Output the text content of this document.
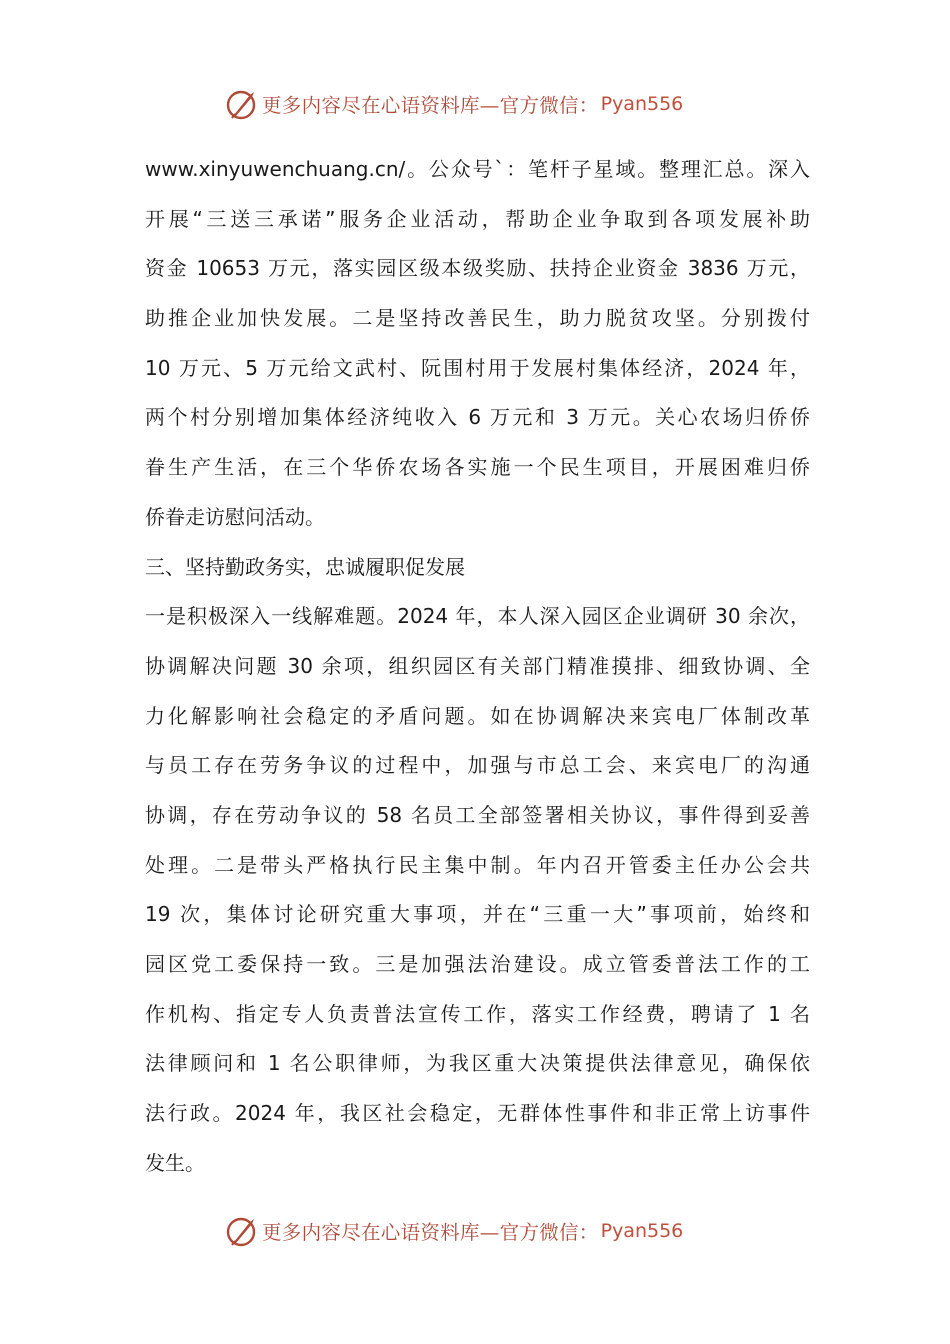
更多内容尽在心语资料库—官方微信： Pyan556
www.xinyuwenchuang.cn/。公众号`：笔杆子星域。整理汇总。深入
开展“三送三承诺”服务企业活动，帮助企业争取到各项发展补助
资金 10653 万元，落实园区级本级奖励、扶持企业资金 3836 万元，
助推企业加快发展。二是坚持改善民生，助力脱贫攻坚。分别拨付
10 万元、5 万元给文武村、阮围村用于发展村集体经济，2024 年，
两个村分别增加集体经济纯收入 6 万元和 3 万元。关心农场归侨侨
眷生产生活，在三个华侨农场各实施一个民生项目，开展困难归侨
侨眷走访慰问活动。
三、坚持勤政务实，忠诚履职促发展
一是积极深入一线解难题。2024 年，本人深入园区企业调研 30 余次，
协调解决问题 30 余项，组织园区有关部门精准摸排、细致协调、全
力化解影响社会稳定的矛盾问题。如在协调解决来宾电厂体制改革
与员工存在劳务争议的过程中，加强与市总工会、来宾电厂的沟通
协调，存在劳动争议的 58 名员工全部签署相关协议，事件得到妥善
处理。二是带头严格执行民主集中制。年内召开管委主任办公会共
19 次，集体讨论研究重大事项，并在“三重一大”事项前，始终和
园区党工委保持一致。三是加强法治建设。成立管委普法工作的工
作机构、指定专人负责普法宣传工作，落实工作经费，聘请了 1 名
法律顾问和 1 名公职律师，为我区重大决策提供法律意见，确保依
法行政。2024 年，我区社会稳定，无群体性事件和非正常上访事件
发生。
更多内容尽在心语资料库—官方微信： Pyan556
